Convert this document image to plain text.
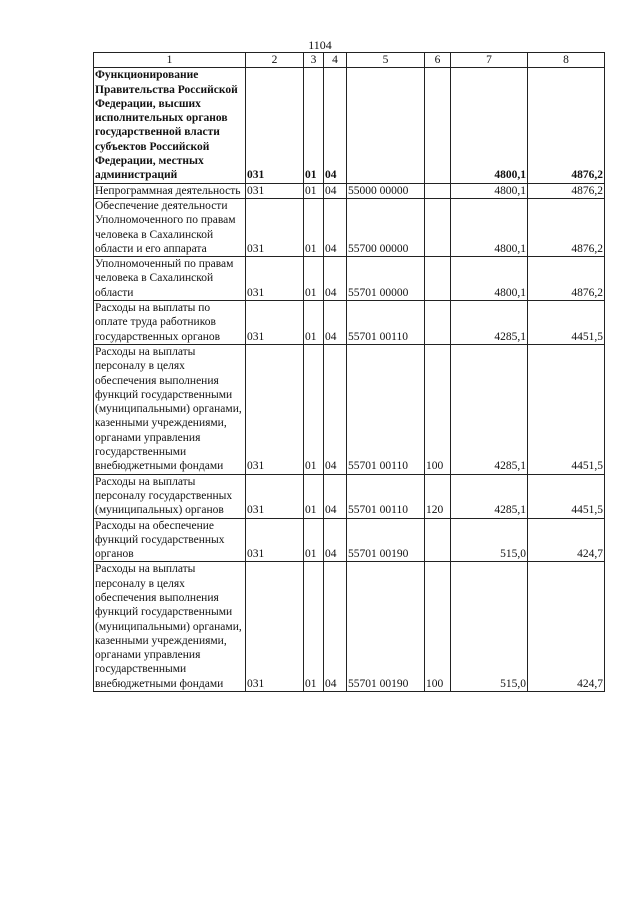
1104
1	2	3	4	5	6	7	8
Функционирование Правительства Российской Федерации, высших исполнительных органов государственной власти субъектов Российской Федерации, местных администраций	031	01	04			4800,1	4876,2
Непрограммная деятельность	031	01	04	55000 00000		4800,1	4876,2
Обеспечение деятельности Уполномоченного по правам человека в Сахалинской области и его аппарата	031	01	04	55700 00000		4800,1	4876,2
Уполномоченный по правам человека в Сахалинской области	031	01	04	55701 00000		4800,1	4876,2
Расходы на выплаты по оплате труда работников государственных органов	031	01	04	55701 00110		4285,1	4451,5
Расходы на выплаты персоналу в целях обеспечения выполнения функций государственными (муниципальными) органами, казенными учреждениями, органами управления государственными внебюджетными фондами	031	01	04	55701 00110	100	4285,1	4451,5
Расходы на выплаты персоналу государственных (муниципальных) органов	031	01	04	55701 00110	120	4285,1	4451,5
Расходы на обеспечение функций государственных органов	031	01	04	55701 00190		515,0	424,7
Расходы на выплаты персоналу в целях обеспечения выполнения функций государственными (муниципальными) органами, казенными учреждениями, органами управления государственными внебюджетными фондами	031	01	04	55701 00190	100	515,0	424,7
